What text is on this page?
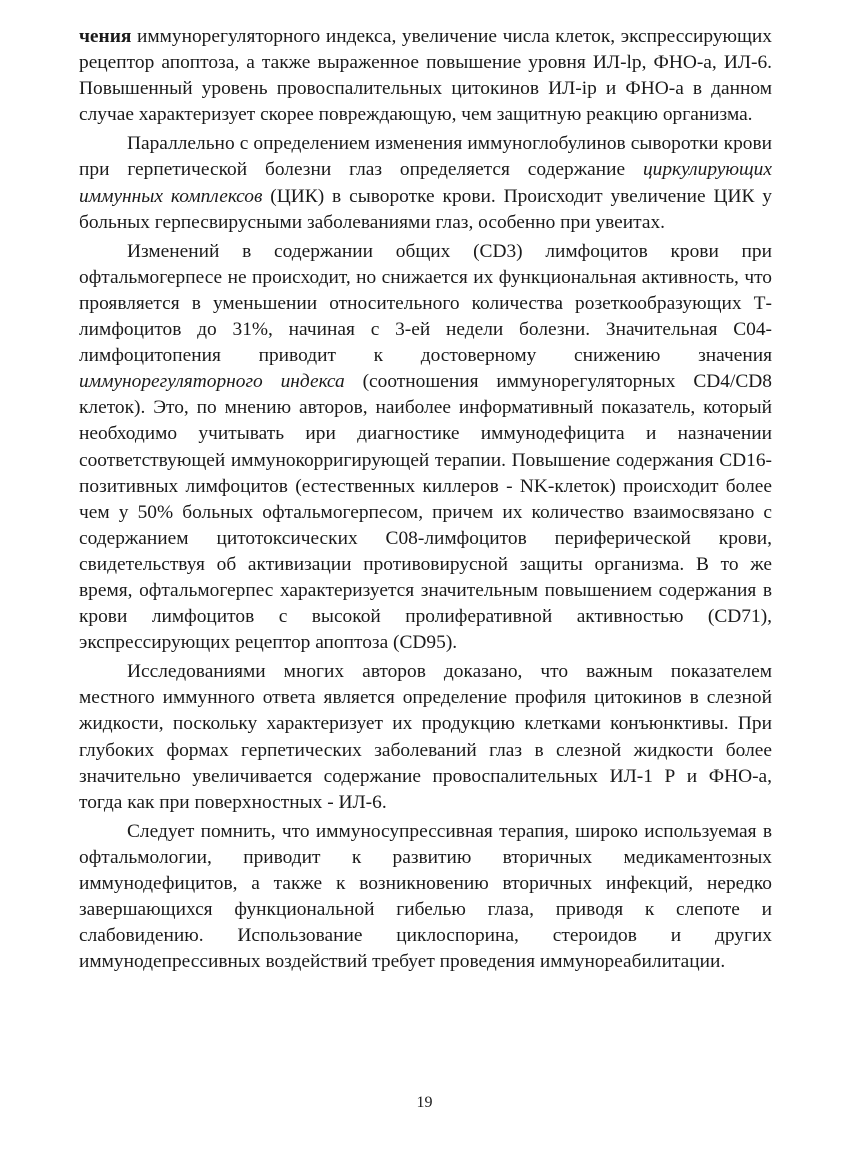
чения иммунорегуляторного индекса, увеличение числа клеток, экспрессирующих рецептор апоптоза, а также выраженное повышение уровня ИЛ-lр, ФНО-а, ИЛ-6. Повышенный уровень провоспалительных цитокинов ИЛ-ip и ФНО-а в данном случае характеризует скорее повреждающую, чем защитную реакцию организма.

Параллельно с определением изменения иммуноглобулинов сыворотки крови при герпетической болезни глаз определяется содержание циркулирующих иммунных комплексов (ЦИК) в сыворотке крови. Происходит увеличение ЦИК у больных герпесвирусными заболеваниями глаз, особенно при увеитах.

Изменений в содержании общих (CD3) лимфоцитов крови при офтальмогерпесе не происходит, но снижается их функциональная активность, что проявляется в уменьшении относительного количества розеткообразующих Т-лимфоцитов до 31%, начиная с 3-ей недели болезни. Значительная С04-лимфоцитопения приводит к достоверному снижению значения иммунорегуляторного индекса (соотношения иммунорегуляторных CD4/CD8 клеток). Это, по мнению авторов, наиболее информативный показатель, который необходимо учитывать ири диагностике иммунодефицита и назначении соответствующей иммунокорригирующей терапии. Повышение содержания CD16-позитивных лимфоцитов (естественных киллеров - NK-клеток) происходит более чем у 50% больных офтальмогерпесом, причем их количество взаимосвязано с содержанием цитотоксических С08-лимфоцитов периферической крови, свидетельствуя об активизации противовирусной защиты организма. В то же время, офтальмогерпес характеризуется значительным повышением содержания в крови лимфоцитов с высокой пролиферативной активностью (CD71), экспрессирующих рецептор апоптоза (CD95).

Исследованиями многих авторов доказано, что важным показателем местного иммунного ответа является определение профиля цитокинов в слезной жидкости, поскольку характеризует их продукцию клетками конъюнктивы. При глубоких формах герпетических заболеваний глаз в слезной жидкости более значительно увеличивается содержание провоспалительных ИЛ-1 Р и ФНО-а, тогда как при поверхностных - ИЛ-6.

Следует помнить, что иммуносупрессивная терапия, широко используемая в офтальмологии, приводит к развитию вторичных медикаментозных иммунодефицитов, а также к возникновению вторичных инфекций, нередко завершающихся функциональной гибелью глаза, приводя к слепоте и слабовидению. Использование циклоспорина, стероидов и других иммунодепрессивных воздействий требует проведения иммунореабилитации.

19
